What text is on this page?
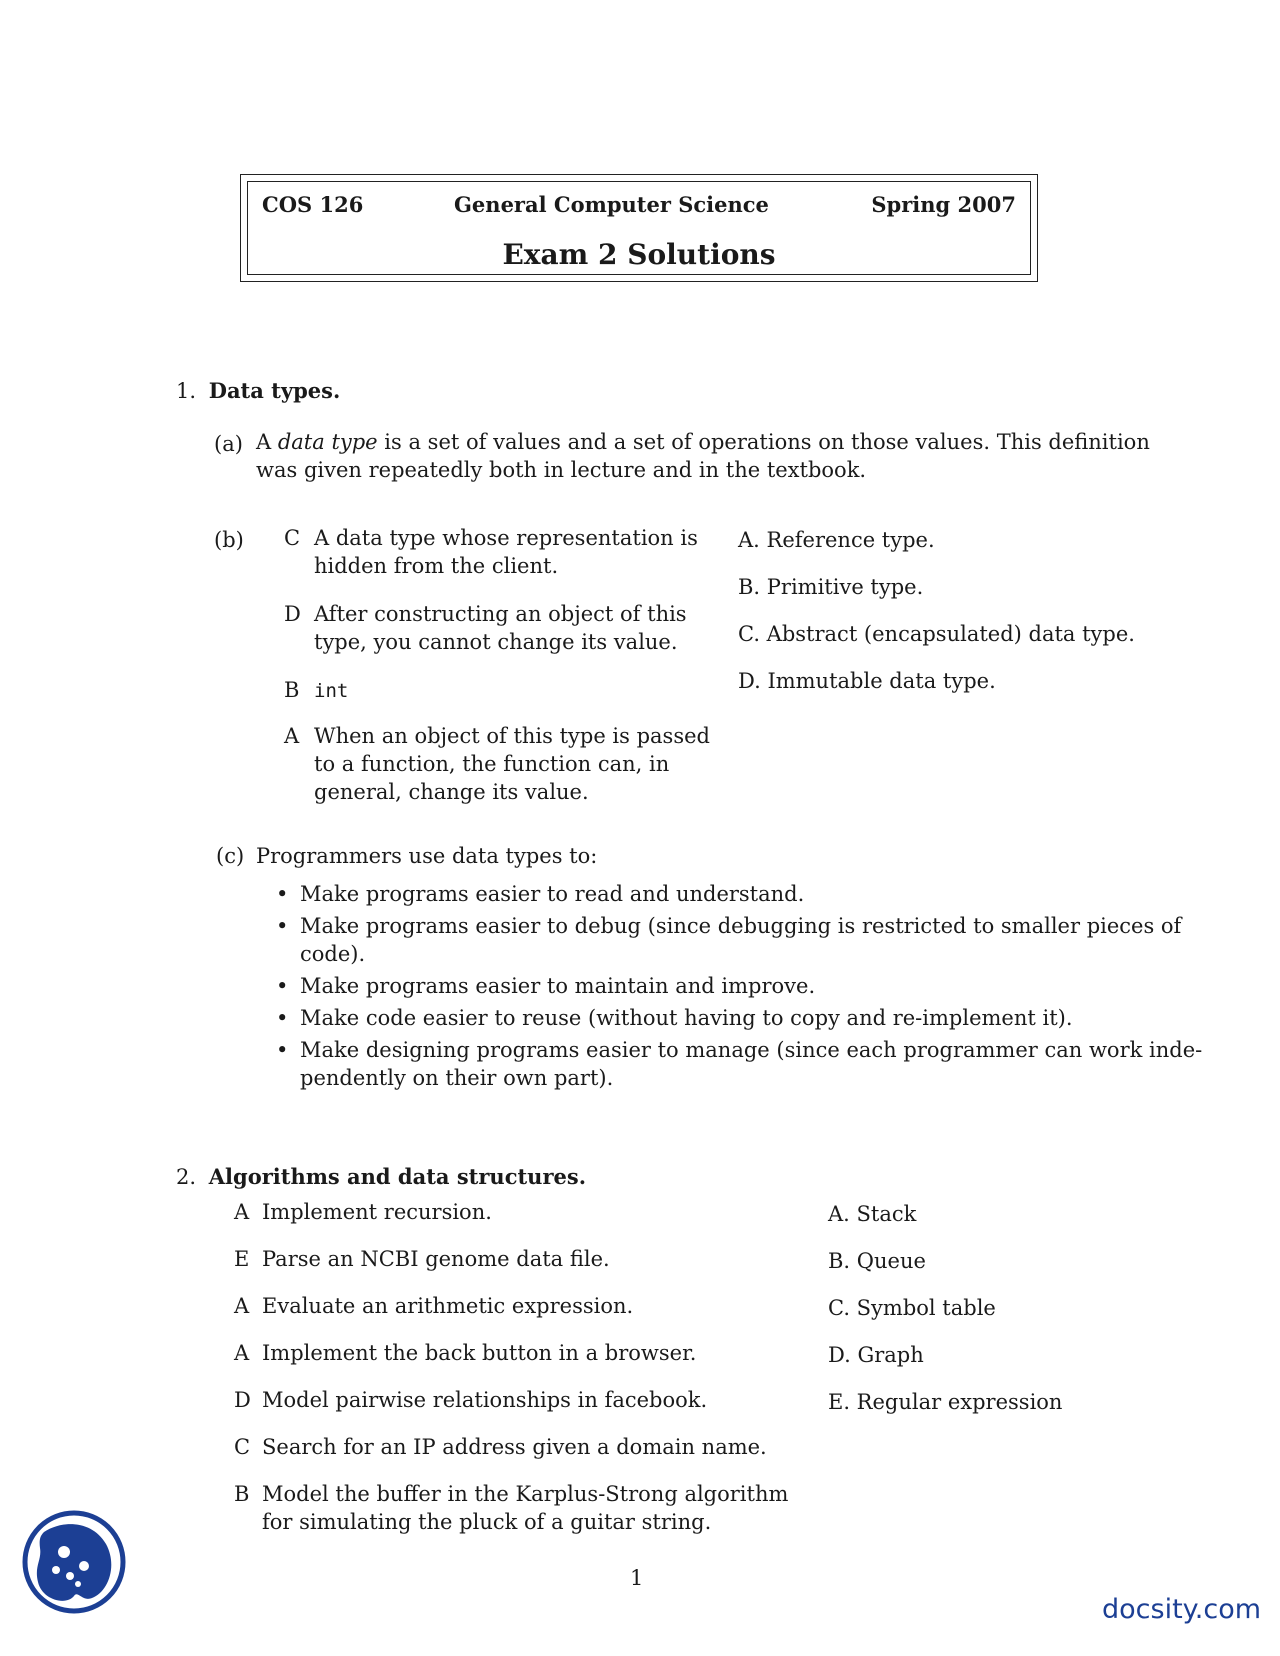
COS 126	General Computer Science	Spring 2007
Exam 2 Solutions
1. Data types.
(a) A data type is a set of values and a set of operations on those values. This definition
was given repeatedly both in lecture and in the textbook.
(b) C A data type whose representation is
hidden from the client.
D After constructing an object of this
type, you cannot change its value.
B int
A When an object of this type is passed
to a function, the function can, in
general, change its value.
A. Reference type.
B. Primitive type.
C. Abstract (encapsulated) data type.
D. Immutable data type.
(c) Programmers use data types to:
• Make programs easier to read and understand.
• Make programs easier to debug (since debugging is restricted to smaller pieces of
code).
• Make programs easier to maintain and improve.
• Make code easier to reuse (without having to copy and re-implement it).
• Make designing programs easier to manage (since each programmer can work inde-
pendently on their own part).
2. Algorithms and data structures.
A Implement recursion.
E Parse an NCBI genome data file.
A Evaluate an arithmetic expression.
A Implement the back button in a browser.
D Model pairwise relationships in facebook.
C Search for an IP address given a domain name.
B Model the buffer in the Karplus-Strong algorithm
for simulating the pluck of a guitar string.
A. Stack
B. Queue
C. Symbol table
D. Graph
E. Regular expression
1
docsity.com
